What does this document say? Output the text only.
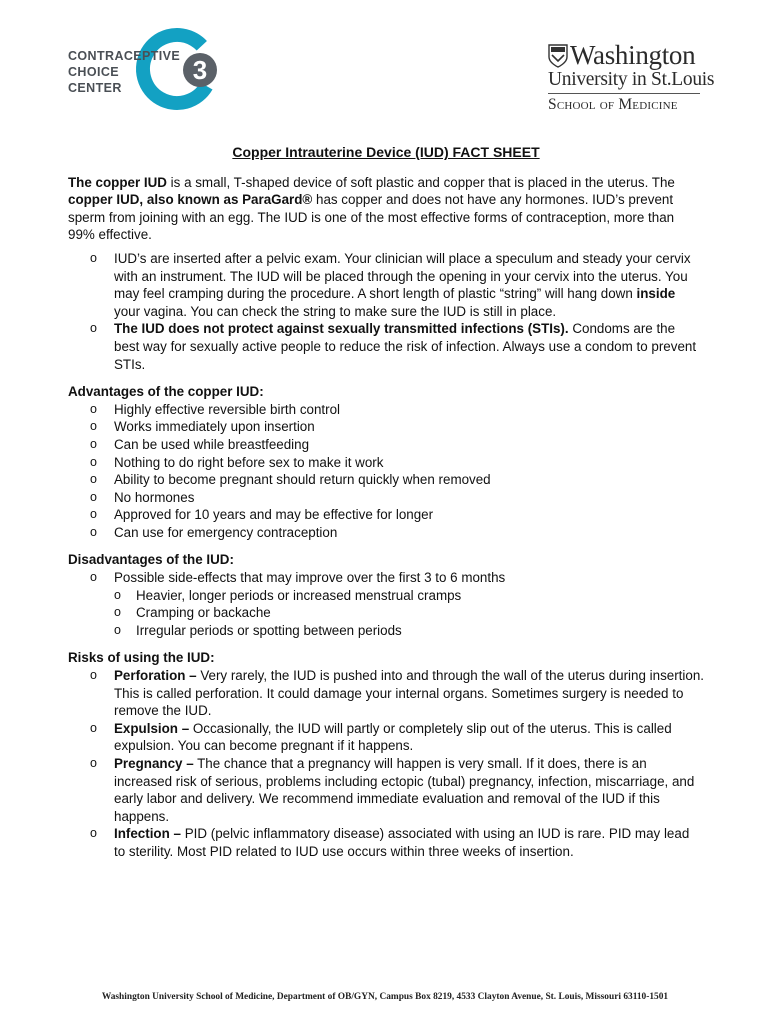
CONTRACEPTIVE
CHOICE
CENTER
3	Washington
University in St.Louis
School of Medicine
Copper Intrauterine Device (IUD) FACT SHEET

The copper IUD is a small, T-shaped device of soft plastic and copper that is placed in the uterus. The copper IUD, also known as ParaGard® has copper and does not have any hormones. IUD’s prevent sperm from joining with an egg. The IUD is one of the most effective forms of contraception, more than 99% effective.

o IUD’s are inserted after a pelvic exam. Your clinician will place a speculum and steady your cervix with an instrument. The IUD will be placed through the opening in your cervix into the uterus. You may feel cramping during the procedure. A short length of plastic “string” will hang down inside your vagina. You can check the string to make sure the IUD is still in place.
o The IUD does not protect against sexually transmitted infections (STIs). Condoms are the best way for sexually active people to reduce the risk of infection. Always use a condom to prevent STIs.
Advantages of the copper IUD:
o Highly effective reversible birth control
o Works immediately upon insertion
o Can be used while breastfeeding
o Nothing to do right before sex to make it work
o Ability to become pregnant should return quickly when removed
o No hormones
o Approved for 10 years and may be effective for longer
o Can use for emergency contraception
Disadvantages of the IUD:
o Possible side-effects that may improve over the first 3 to 6 months
o Heavier, longer periods or increased menstrual cramps
o Cramping or backache
o Irregular periods or spotting between periods
Risks of using the IUD:
o Perforation – Very rarely, the IUD is pushed into and through the wall of the uterus during insertion. This is called perforation. It could damage your internal organs. Sometimes surgery is needed to remove the IUD.
o Expulsion – Occasionally, the IUD will partly or completely slip out of the uterus. This is called expulsion. You can become pregnant if it happens.
o Pregnancy – The chance that a pregnancy will happen is very small. If it does, there is an increased risk of serious, problems including ectopic (tubal) pregnancy, infection, miscarriage, and early labor and delivery. We recommend immediate evaluation and removal of the IUD if this happens.
o Infection – PID (pelvic inflammatory disease) associated with using an IUD is rare. PID may lead to sterility. Most PID related to IUD use occurs within three weeks of insertion.
Washington University School of Medicine, Department of OB/GYN, Campus Box 8219, 4533 Clayton Avenue, St. Louis, Missouri 63110-1501
